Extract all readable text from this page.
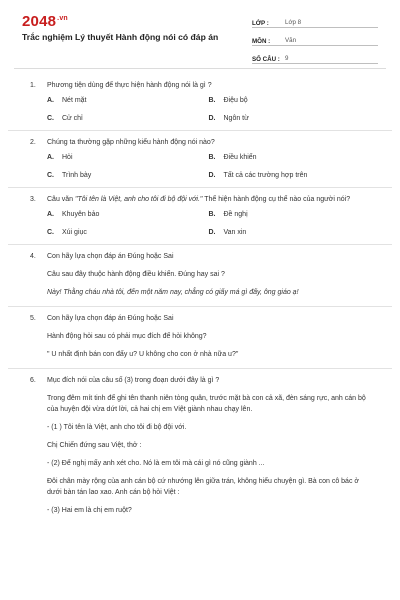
$2048^{.vn}$
Trắc nghiệm Lý thuyết Hành động nói có đáp án
LỚP :	Lớp 8
MÔN :	Văn
SỐ CÂU : 9
1.	Phương tiện dùng để thực hiện hành động nói là gì ?
A.	Nét mặt	B.	Điệu bộ
C.	Cử chỉ	D.	Ngôn từ
2.	Chúng ta thường gặp những kiểu hành động nói nào?
A.	Hỏi	B.	Điều khiển
C.	Trình bày	D.	Tất cả các trường hợp trên
3.	Câu văn "Tôi tên là Việt, anh cho tôi đi bộ đội với." Thể hiện hành động cụ thể nào của người nói?
A.	Khuyên bảo	B.	Đề nghị
C.	Xúi giục	D.	Van xin
4.	Con hãy lựa chọn đáp án Đúng hoặc Sai
Câu sau đây thuộc hành động điều khiển. Đúng hay sai ?
Này! Thằng cháu nhà tôi, đến một năm nay, chẳng có giấy má gì đấy, ông giáo ạ!
5.	Con hãy lựa chọn đáp án Đúng hoặc Sai
Hành động hỏi sau có phải mục đích để hỏi không?
" U nhất định bán con đấy u? U không cho con ở nhà nữa u?"
6.	Mục đích nói của câu số (3) trong đoạn dưới đây là gì ?
Trong đêm mít tinh để ghi tên thanh niên tòng quân, trước mặt bà con cả xã, đèn sáng rực, anh cán bộ của huyện đội vừa dứt lời, cả hai chị em Việt giành nhau chạy lên.
- (1 ) Tôi tên là Việt, anh cho tôi đi bộ đội với.
Chị Chiến đứng sau Việt, thở :
- (2) Để nghị mấy anh xét cho. Nó là em tôi mà cái gì nó cũng giành ...
Đôi chân mày rộng của anh cán bộ cứ nhướng lên giữa trán, không hiểu chuyện gì. Bà con cô bác ở dưới bàn tán lao xao. Anh cán bộ hỏi Việt :
- (3) Hai em là chị em ruột?
